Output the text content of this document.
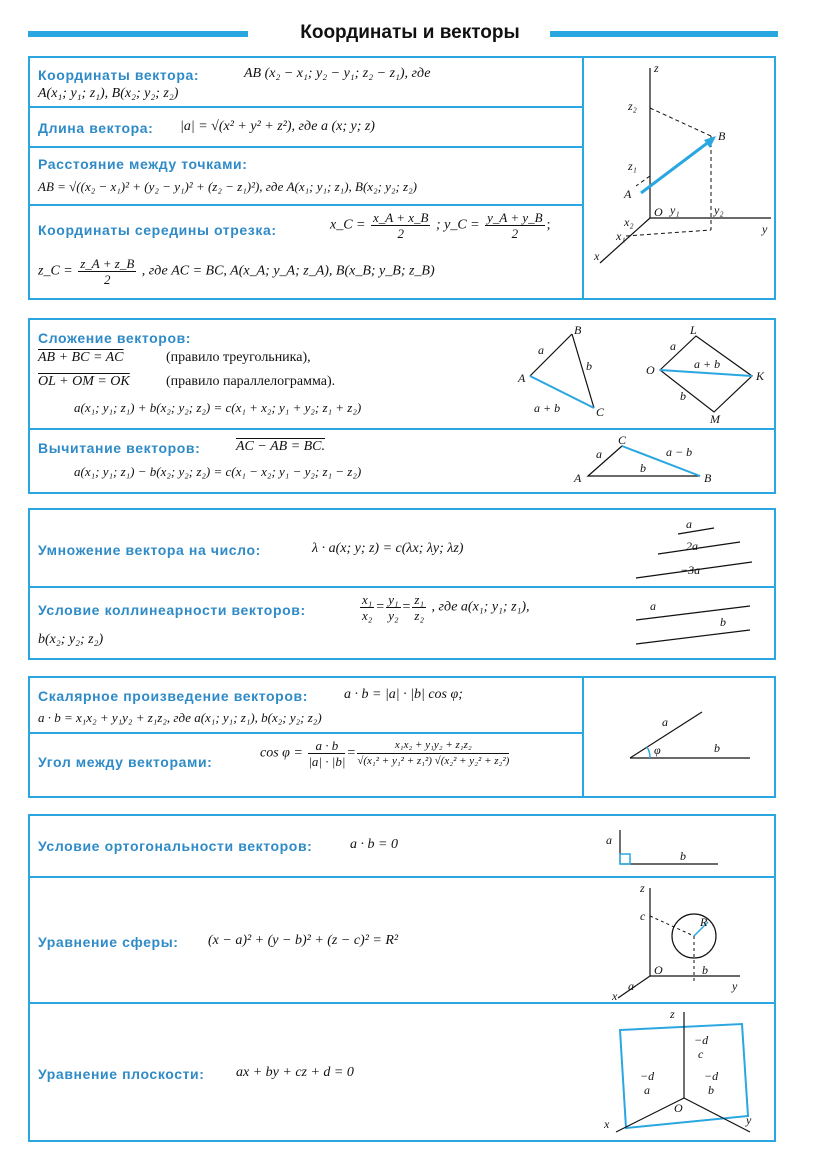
Координаты и векторы
Координаты вектора:	AB (x₂ − x₁; y₂ − y₁; z₂ − z₁), где
A(x₁; y₁; z₁), B(x₂; y₂; z₂)
Длина вектора: |a| = √(x² + y² + z²), где a (x; y; z)
Расстояние между точками:
AB = √((x₂ − x₁)² + (y₂ − y₁)² + (z₂ − z₁)²), где A(x₁; y₁; z₁), B(x₂; y₂; z₂)
Координаты середины отрезка:	x_C = $\frac{x\_A + x\_B}{2}$ ; y_C = $\frac{y\_A + y\_B}{2}$ ;
z_C = $\frac{z\_A + z\_B}{2}$ , где AC = BC, A(x_A; y_A; z_A), B(x_B; y_B; z_B)
z
z₂
z₁
A
B
O y₁	y₂
y
x
x₁
x₂
Сложение векторов:
AB + BC = AC	(правило треугольника),
OL + OM = OK	(правило параллелограмма).
a(x₁; y₁; z₁) + b(x₂; y₂; z₂) = c(x₁ + x₂; y₁ + y₂; z₁ + z₂)
Вычитание векторов:	AC − AB = BC.
a(x₁; y₁; z₁) − b(x₂; y₂; z₂) = c(x₁ − x₂; y₁ − y₂; z₁ − z₂)
B
A
C
a
b
a + b
L
O	K
M
a
a + b
b
C
A	B
a
b
a − b
Умножение вектора на число:	λ · a(x; y; z) = c(λx; λy; λz)
Условие коллинеарности векторов:	$\frac{\text{x₁}}{\text{x₂}} = \frac{\text{y₁}}{\text{y₂}} = \frac{\text{z₁}}{\text{z₂}}$ , где a(x₁; y₁; z₁),
b(x₂; y₂; z₂)
a
2a
−3a
a
b
Скалярное произведение векторов:	a · b = |a| · |b| cos φ;
a · b = x₁x₂ + y₁y₂ + z₁z₂, где a(x₁; y₁; z₁), b(x₂; y₂; z₂)
Угол между векторами:
$\cos \varphi = \frac{a \cdot b}{|a| \cdot |b|} = \frac{\text{x₁x₂ + y₁y₂ + z₁z₂}}{\text{√(x₁² + y₁² + z₁²) √(x₂² + y₂² + z₂²)}}$
a
φ	b
Условие ортогональности векторов:	a · b = 0
Уравнение сферы: (x − a)² + (y − b)² + (z − c)² = R²
Уравнение плоскости: ax + by + cz + d = 0
a
b
z
c	R
O
a
b
y
x
z
−d
c
−d
a
−d
b
O
x	y
